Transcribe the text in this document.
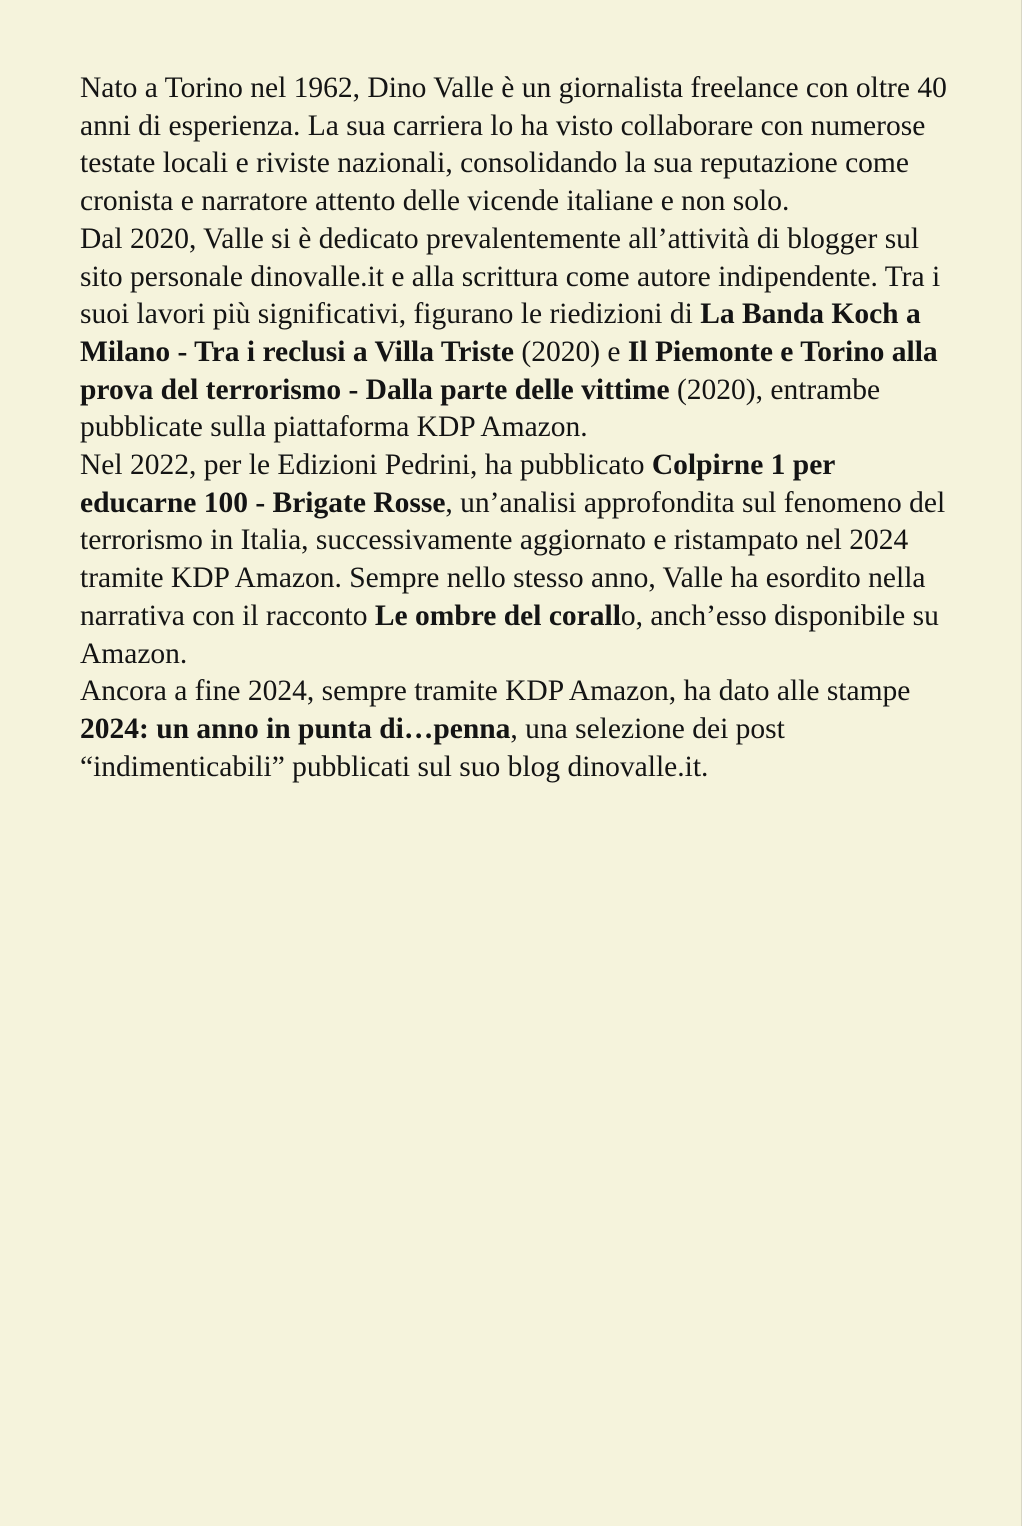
Nato a Torino nel 1962, Dino Valle è un giornalista freelance con oltre 40 anni di esperienza. La sua carriera lo ha visto collaborare con numerose testate locali e riviste nazionali, consolidando la sua reputazione come cronista e narratore attento delle vicende italiane e non solo.

Dal 2020, Valle si è dedicato prevalentemente all’attività di blogger sul sito personale dinovalle.it e alla scrittura come autore indipendente. Tra i suoi lavori più significativi, figurano le riedizioni di La Banda Koch a Milano - Tra i reclusi a Villa Triste (2020) e Il Piemonte e Torino alla prova del terrorismo - Dalla parte delle vittime (2020), entrambe pubblicate sulla piattaforma KDP Amazon.

Nel 2022, per le Edizioni Pedrini, ha pubblicato Colpirne 1 per educarne 100 - Brigate Rosse, un’analisi approfondita sul fenomeno del terrorismo in Italia, successivamente aggiornato e ristampato nel 2024 tramite KDP Amazon. Sempre nello stesso anno, Valle ha esordito nella narrativa con il racconto Le ombre del corallo, anch’esso disponibile su Amazon.

Ancora a fine 2024, sempre tramite KDP Amazon, ha dato alle stampe 2024: un anno in punta di…penna, una selezione dei post “indimenticabili” pubblicati sul suo blog dinovalle.it.
